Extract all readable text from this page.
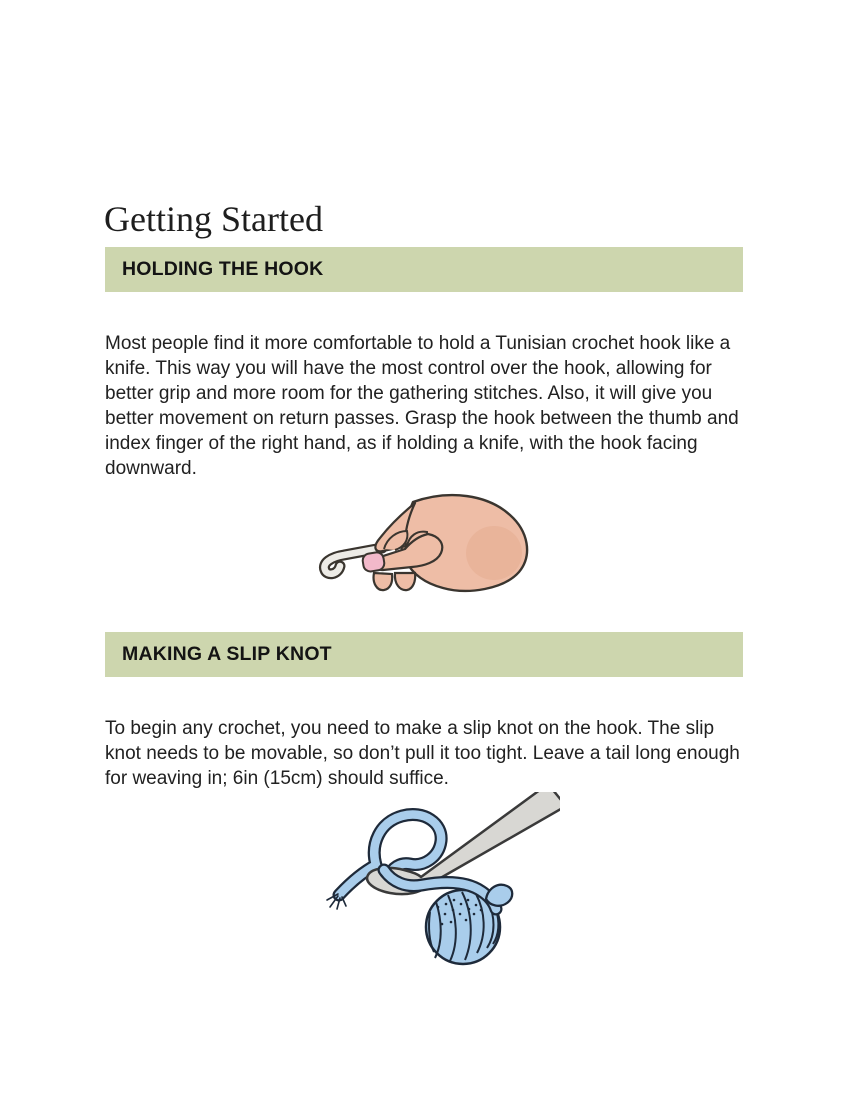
Getting Started
HOLDING THE HOOK

Most people find it more comfortable to hold a Tunisian crochet hook like a knife. This way you will have the most control over the hook, allowing for better grip and more room for the gathering stitches. Also, it will give you better movement on return passes. Grasp the hook between the thumb and index finger of the right hand, as if holding a knife, with the hook facing downward.

MAKING A SLIP KNOT

To begin any crochet, you need to make a slip knot on the hook. The slip knot needs to be movable, so don’t pull it too tight. Leave a tail long enough for weaving in; 6in (15cm) should suffice.
